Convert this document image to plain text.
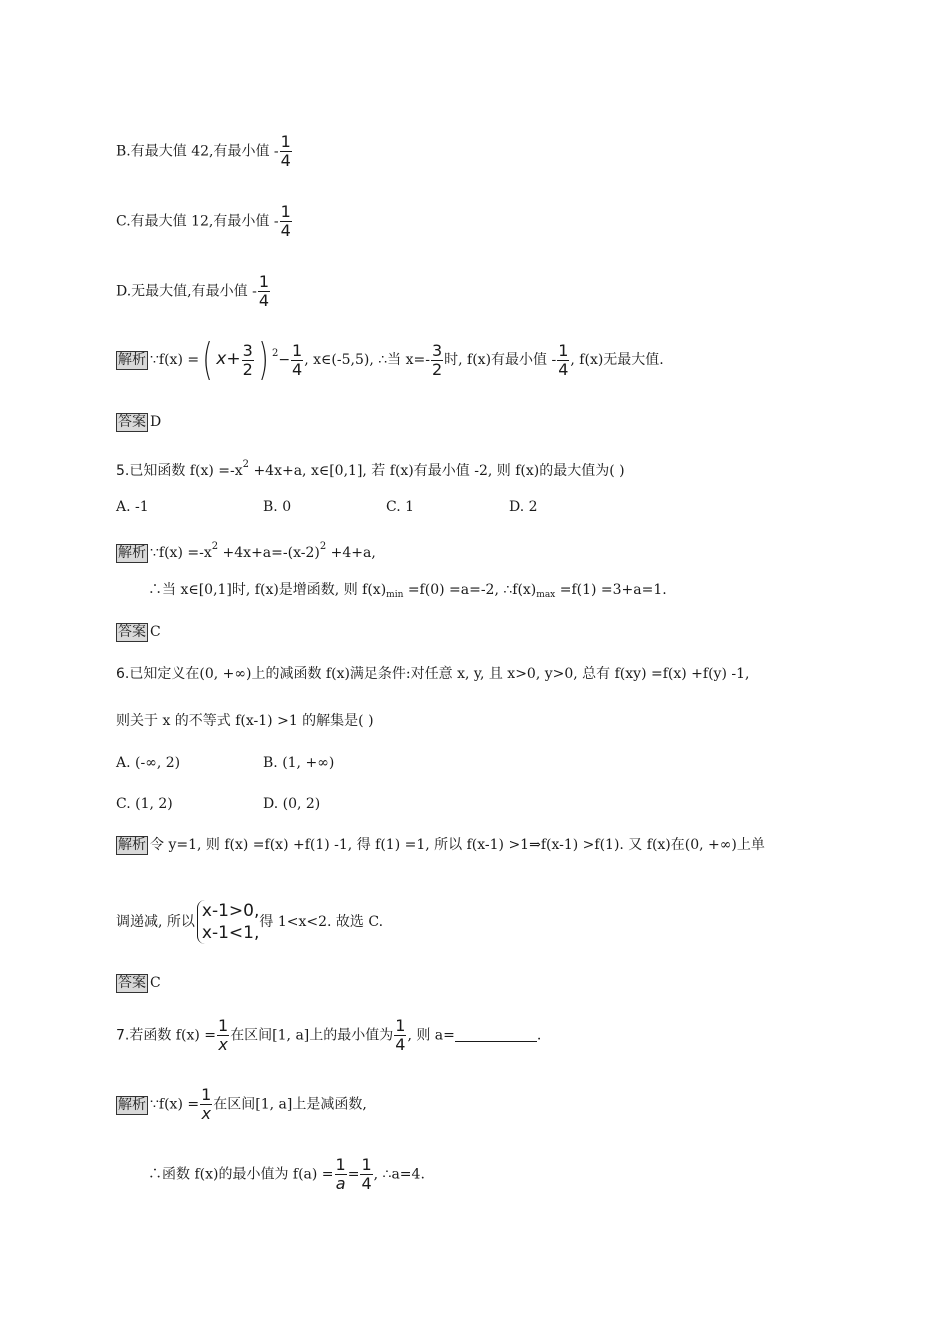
B.有最大值 42,有最小值 - $\frac{1}{4}$
C.有最大值 12,有最小值 - $\frac{1}{4}$
D.无最大值,有最小值 - $\frac{1}{4}$
解析 ∵f(x) =( $x+ \frac{3}{2}$ ) $^2- \frac{1}{4}$ , x∈(-5,5), ∴当 $x=- \frac{3}{2}$ 时, f(x)有最小值 - $\frac{1}{4}$ , f(x)无最大值.
答案 D
5.已知函数 $f(x) =-x^2 +4x+a$, x∈[0,1], 若 f(x)有最小值 -2, 则 f(x)的最大值为( )
A. -1	B. 0	C. 1	D. 2
解析 ∵f(x) $=-x^2 +4x+a=-(x-2)^2 +4+a$,
∴当 x∈[0,1]时, f(x)是增函数, 则 $f(x)_{min} =f(0) =a=-2$, $\therefore f(x)_{max} =f(1) =3+a=1$.
答案 C
6.已知定义在(0, +∞)上的减函数 f(x)满足条件:对任意 x, y, 且 x>0, y>0, 总有 f(xy) =f(x) +f(y) -1,
则关于 x 的不等式 f(x-1) >1 的解集是( )
A. (-∞, 2)	B. (1, +∞)
C. (1, 2)	D. (0, 2)
解析 令 y=1, 则 f(x) =f(x) +f(1) -1, 得 f(1) =1, 所以 f(x-1) >1⇒f(x-1) >f(1). 又 f(x)在(0, +∞)上单
调递减, 所以
x-1>0,
x-1<1,
得 1<x<2. 故选 C.
答案 C
7.若函数 $f(x) = \frac{1}{x}$ 在区间[1, a]上的最小值为 $\frac{1}{4}$ , 则 a=	.
解析 ∵f(x) = $\frac{1}{x}$ 在区间[1, a]上是减函数,
∴函数 f(x)的最小值为 $f(a) = \frac{1}{a} = \frac{1}{4}$ , ∴a=4.
